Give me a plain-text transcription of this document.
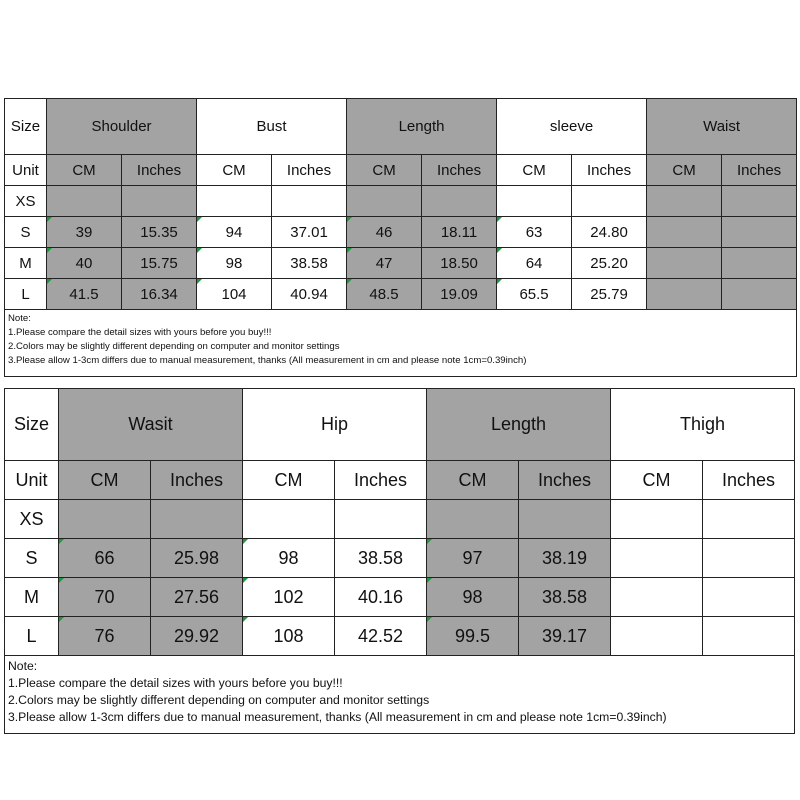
Size	Shoulder		Bust		Length		sleeve		Waist	
Unit	CM	Inches	CM	Inches	CM	Inches	CM	Inches	CM	Inches
XS										
S	39	15.35	94	37.01	46	18.11	63	24.80		
M	40	15.75	98	38.58	47	18.50	64	25.20		
L	41.5	16.34	104	40.94	48.5	19.09	65.5	25.79		

Note:
1.Please compare the detail sizes with yours before you buy!!!
2.Colors may be slightly different depending on computer and monitor settings
3.Please allow 1-3cm differs due to manual measurement, thanks (All measurement in cm and please note 1cm=0.39inch)										
Size	Wasit		Hip		Length		Thigh	
Unit	CM	Inches	CM	Inches	CM	Inches	CM	Inches
XS								
S	66	25.98	98	38.58	97	38.19		
M	70	27.56	102	40.16	98	38.58		
L	76	29.92	108	42.52	99.5	39.17		

Note:
1.Please compare the detail sizes with yours before you buy!!!
2.Colors may be slightly different depending on computer and monitor settings
3.Please allow 1-3cm differs due to manual measurement, thanks (All measurement in cm and please note 1cm=0.39inch)								
